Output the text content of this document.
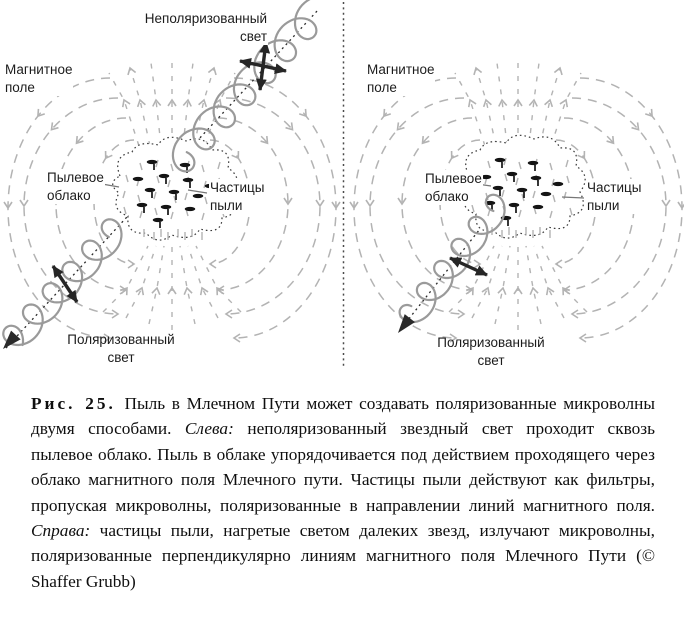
Неполяризованный
свет
Магнитное
поле
Пылевое
облако	Частицы
пыли
Поляризованный
свет
Магнитное
поле
Пылевое
облако
Частицы
пыли
Поляризованный
свет

Рис. 25. Пыль в Млечном Пути может создавать поляризованные микроволны двумя способами. Слева: неполяризованный звездный свет проходит сквозь пылевое облако. Пыль в облаке упорядочивается под действием проходящего через облако магнитного поля Млечного пути. Частицы пыли действуют как фильтры, пропуская микроволны, поляризованные в направлении линий магнитного поля. Справа: частицы пыли, нагретые светом далеких звезд, излучают микроволны, поляризованные перпендикулярно линиям магнитного поля Млечного Пути (© Shaffer Grubb)
